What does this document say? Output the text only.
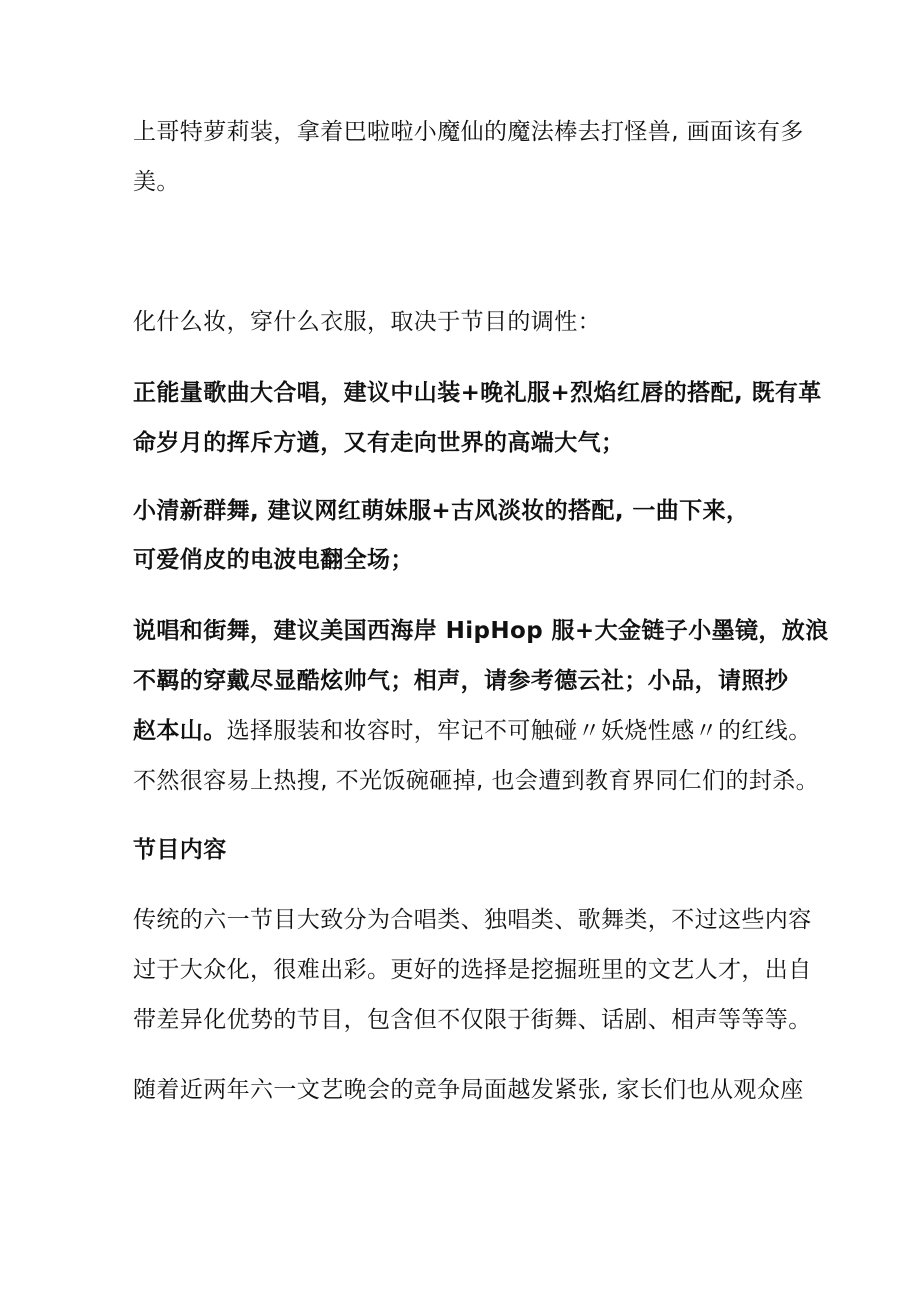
上哥特萝莉装，拿着巴啦啦小魔仙的魔法棒去打怪兽, 画面该有多
美。
化什么妆，穿什么衣服，取决于节目的调性：
正能量歌曲大合唱，建议中山装+晚礼服+烈焰红唇的搭配, 既有革
命岁月的挥斥方遒，又有走向世界的高端大气；
小清新群舞, 建议网红萌妹服+古风淡妆的搭配, 一曲下来，
可爱俏皮的电波电翻全场；
说唱和街舞，建议美国西海岸 HipHop 服+大金链子小墨镜，放浪
不羁的穿戴尽显酷炫帅气；相声，请参考德云社；小品，请照抄
赵本山。选择服装和妆容时，牢记不可触碰〃妖烧性感〃的红线。
不然很容易上热搜, 不光饭碗砸掉, 也会遭到教育界同仁们的封杀。
节目内容
传统的六一节目大致分为合唱类、独唱类、歌舞类，不过这些内容
过于大众化，很难出彩。更好的选择是挖掘班里的文艺人才，出自
带差异化优势的节目，包含但不仅限于街舞、话剧、相声等等等。
随着近两年六一文艺晚会的竞争局面越发紧张, 家长们也从观众座
